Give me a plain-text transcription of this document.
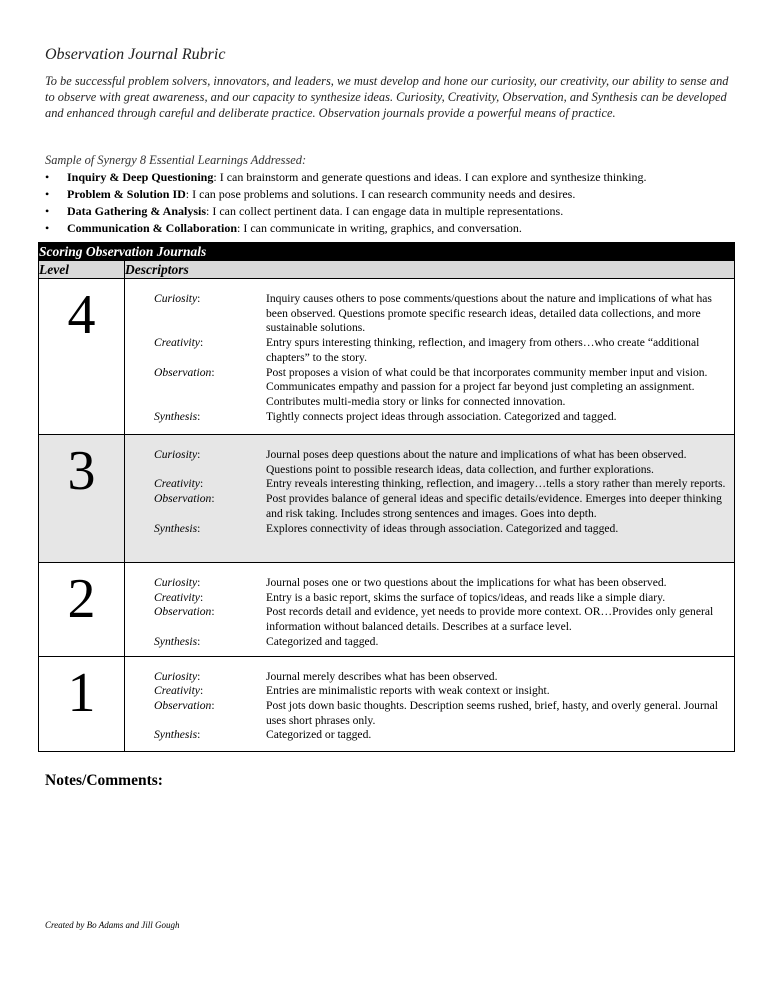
Observation Journal Rubric
To be successful problem solvers, innovators, and leaders, we must develop and hone our curiosity, our creativity, our ability to sense and to observe with great awareness, and our capacity to synthesize ideas. Curiosity, Creativity, Observation, and Synthesis can be developed and enhanced through careful and deliberate practice. Observation journals provide a powerful means of practice.
Sample of Synergy 8 Essential Learnings Addressed:
• Inquiry & Deep Questioning: I can brainstorm and generate questions and ideas. I can explore and synthesize thinking.
• Problem & Solution ID: I can pose problems and solutions. I can research community needs and desires.
• Data Gathering & Analysis: I can collect pertinent data. I can engage data in multiple representations.
• Communication & Collaboration: I can communicate in writing, graphics, and conversation.
Scoring Observation Journals
Level	Descriptors
4		Curiosity:	Inquiry causes others to pose comments/questions about the nature and implications of what has been observed. Questions promote specific research ideas, detailed data collections, and more sustainable solutions.
Creativity:	Entry spurs interesting thinking, reflection, and imagery from others…who create “additional chapters” to the story.
Observation:	Post proposes a vision of what could be that incorporates community member input and vision. Communicates empathy and passion for a project far beyond just completing an assignment. Contributes multi-media story or links for connected innovation.
Synthesis:	Tightly connects project ideas through association. Categorized and tagged.

3		Curiosity:	Journal poses deep questions about the nature and implications of what has been observed. Questions point to possible research ideas, data collection, and further explorations.
Creativity:	Entry reveals interesting thinking, reflection, and imagery…tells a story rather than merely reports.
Observation:	Post provides balance of general ideas and specific details/evidence. Emerges into deeper thinking and risk taking. Includes strong sentences and images. Goes into depth.
Synthesis:	Explores connectivity of ideas through association. Categorized and tagged.

2		Curiosity:	Journal poses one or two questions about the implications for what has been observed.
Creativity:	Entry is a basic report, skims the surface of topics/ideas, and reads like a simple diary.
Observation:	Post records detail and evidence, yet needs to provide more context. OR…Provides only general information without balanced details. Describes at a surface level.
Synthesis:	Categorized and tagged.

1		Curiosity:	Journal merely describes what has been observed.
Creativity:	Entries are minimalistic reports with weak context or insight.
Observation:	Post jots down basic thoughts. Description seems rushed, brief, hasty, and overly general. Journal uses short phrases only.
Synthesis:	Categorized or tagged.
Notes/Comments:
Created by Bo Adams and Jill Gough
